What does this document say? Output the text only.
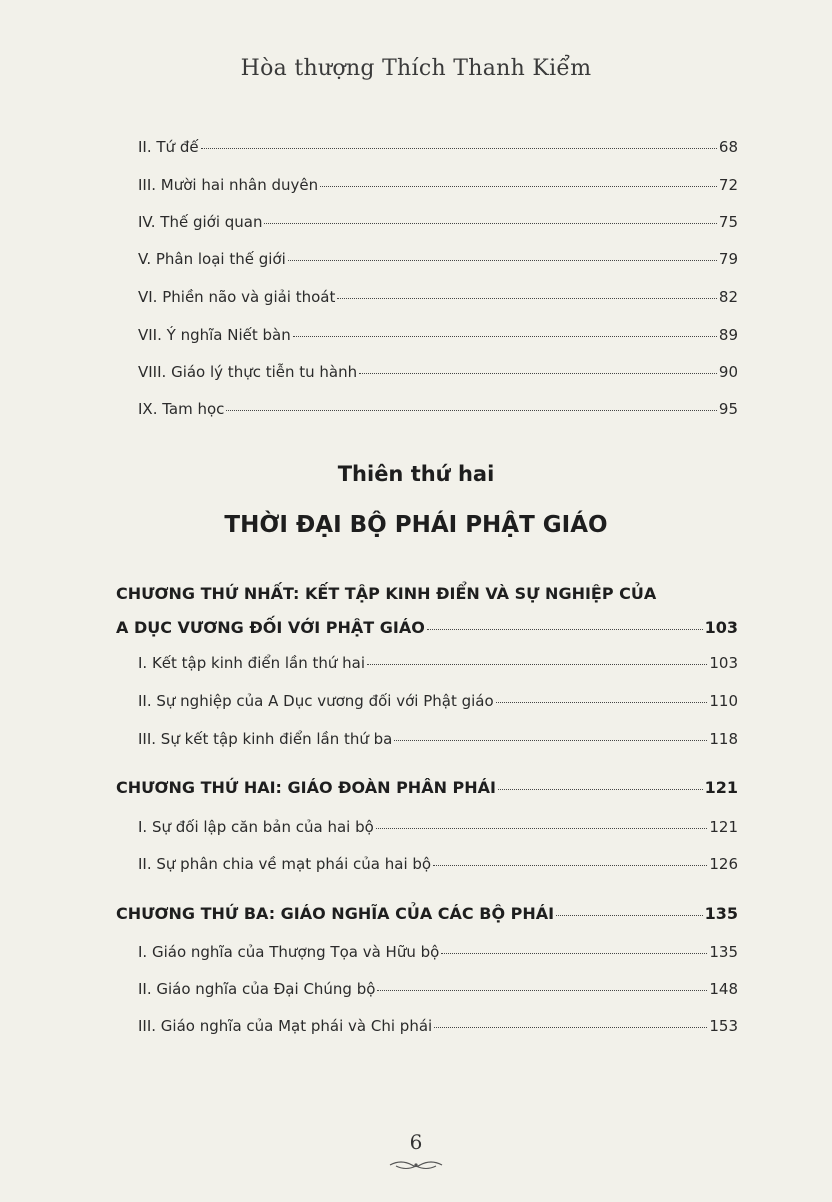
Hòa thượng Thích Thanh Kiểm
II. Tứ đế	68
III. Mười hai nhân duyên	72
IV. Thế giới quan	75
V. Phân loại thế giới	79
VI. Phiền não và giải thoát	82
VII. Ý nghĩa Niết bàn	89
VIII. Giáo lý thực tiễn tu hành	90
IX. Tam học	95
Thiên thứ hai
THỜI ĐẠI BỘ PHÁI PHẬT GIÁO
CHƯƠNG THỨ NHẤT: KẾT TẬP KINH ĐIỂN VÀ SỰ NGHIỆP CỦA
A DỤC VƯƠNG ĐỐI VỚI PHẬT GIÁO	103
I. Kết tập kinh điển lần thứ hai	103
II. Sự nghiệp của A Dục vương đối với Phật giáo	110
III. Sự kết tập kinh điển lần thứ ba	118
CHƯƠNG THỨ HAI: GIÁO ĐOÀN PHÂN PHÁI	121
I. Sự đối lập căn bản của hai bộ	121
II. Sự phân chia về mạt phái của hai bộ	126
CHƯƠNG THỨ BA: GIÁO NGHĨA CỦA CÁC BỘ PHÁI	135
I. Giáo nghĩa của Thượng Tọa và Hữu bộ	135
II. Giáo nghĩa của Đại Chúng bộ	148
III. Giáo nghĩa của Mạt phái và Chi phái	153
6
